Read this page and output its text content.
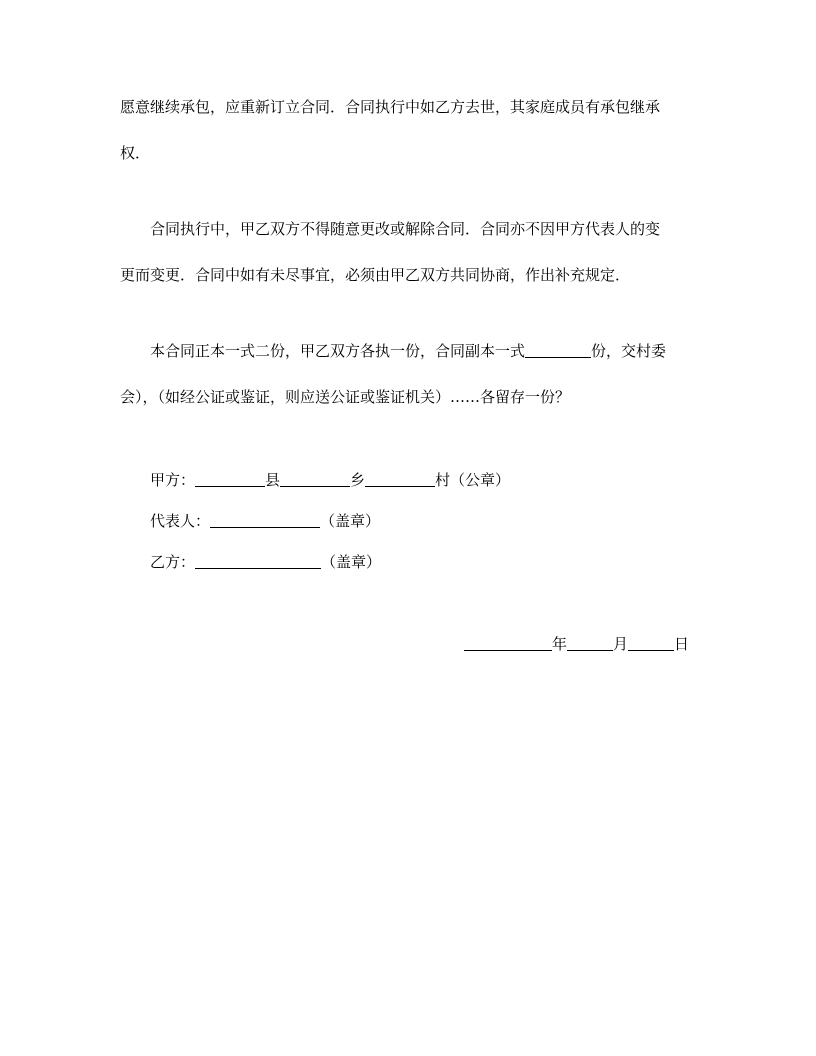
愿意继续承包，应重新订立合同．合同执行中如乙方去世，其家庭成员有承包继承
权．
合同执行中，甲乙双方不得随意更改或解除合同．合同亦不因甲方代表人的变
更而变更．合同中如有未尽事宜，必须由甲乙双方共同协商，作出补充规定．
本合同正本一式二份，甲乙双方各执一份，合同副本一式	份，交村委
会），（如经公证或鉴证，则应送公证或鉴证机关）……各留存一份？
甲方：	县	乡	村（公章）
代表人：	（盖章）
乙方：	（盖章）
年	月	日
